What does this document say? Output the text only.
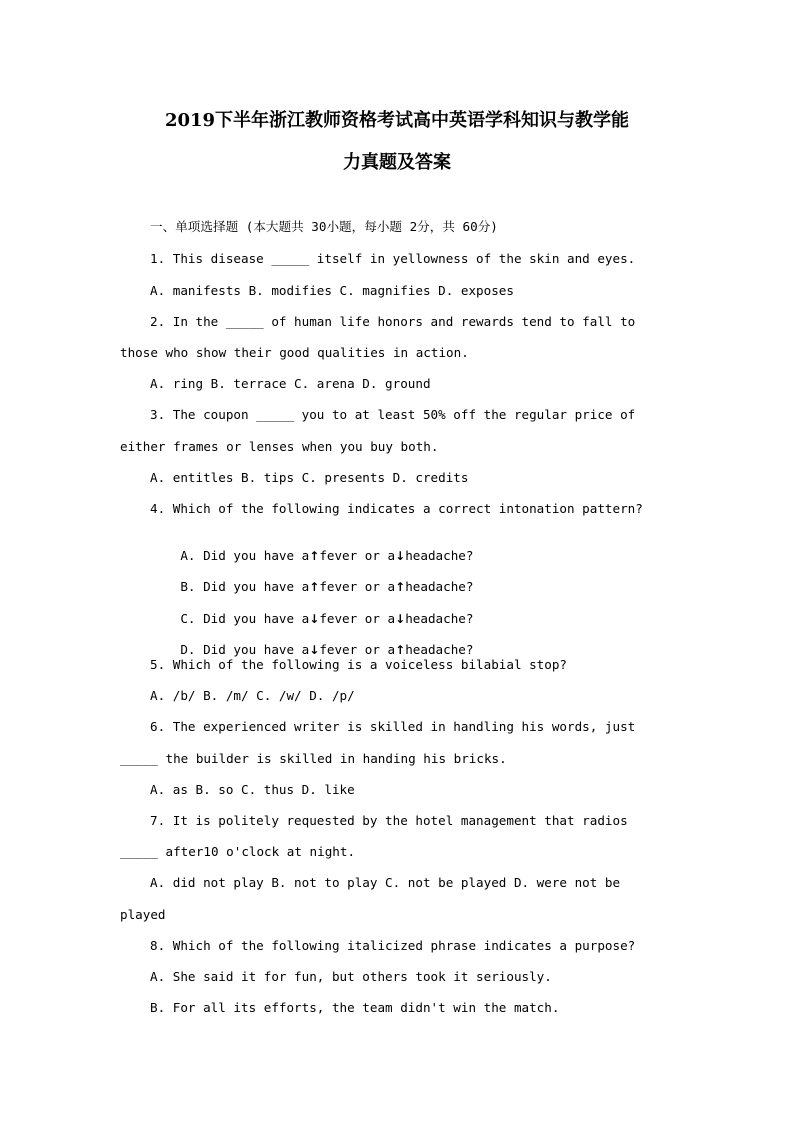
2019下半年浙江教师资格考试高中英语学科知识与教学能
力真题及答案
一、单项选择题 (本大题共 30小题，每小题 2分，共 60分)
1. This disease _____ itself in yellowness of the skin and eyes.
A. manifests B. modifies C. magnifies D. exposes
2. In the _____ of human life honors and rewards tend to fall to
those who show their good qualities in action.
A. ring B. terrace C. arena D. ground
3. The coupon _____ you to at least 50% off the regular price of
either frames or lenses when you buy both.
A. entitles B. tips C. presents D. credits
4. Which of the following indicates a correct intonation pattern?

A. Did you have a↑fever or a↓headache?

B. Did you have a↑fever or a↑headache?

C. Did you have a↓fever or a↓headache?

D. Did you have a↓fever or a↑headache?

5. Which of the following is a voiceless bilabial stop?
A. /b/ B. /m/ C. /w/ D. /p/
6. The experienced writer is skilled in handling his words, just
_____ the builder is skilled in handing his bricks.
A. as B. so C. thus D. like
7. It is politely requested by the hotel management that radios
_____ after10 o'clock at night.
A. did not play B. not to play C. not be played D. were not be
played
8. Which of the following italicized phrase indicates a purpose?
A. She said it for fun, but others took it seriously.
B. For all its efforts, the team didn't win the match.
